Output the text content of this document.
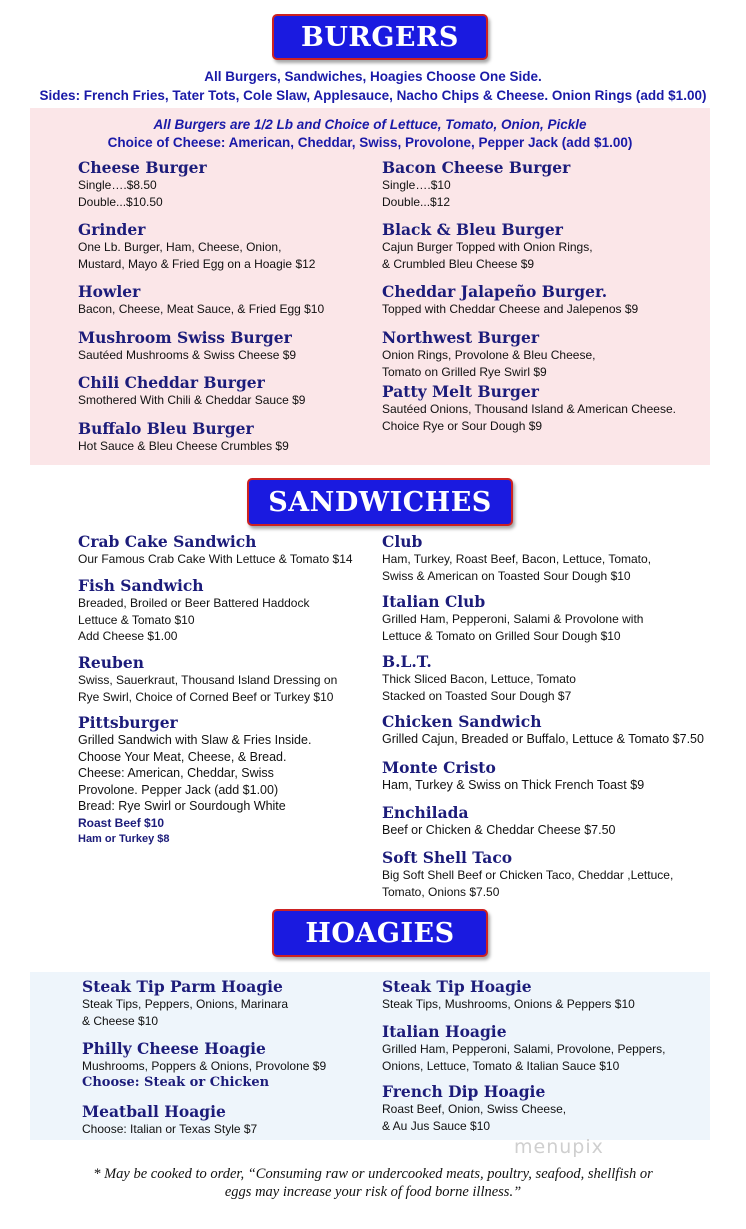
BURGERS
All Burgers, Sandwiches, Hoagies Choose One Side.
Sides: French Fries, Tater Tots, Cole Slaw, Applesauce, Nacho Chips & Cheese. Onion Rings (add $1.00)
All Burgers are 1/2 Lb and Choice of Lettuce, Tomato, Onion, Pickle
Choice of Cheese: American, Cheddar, Swiss, Provolone, Pepper Jack (add $1.00)
Cheese Burger
Single….$8.50
Double...$10.50
Grinder
One Lb. Burger, Ham, Cheese, Onion,
Mustard, Mayo & Fried Egg on a Hoagie $12
Howler
Bacon, Cheese, Meat Sauce, & Fried Egg $10
Mushroom Swiss Burger
Sautéed Mushrooms & Swiss Cheese $9
Chili Cheddar Burger
Smothered With Chili & Cheddar Sauce $9
Buffalo Bleu Burger
Hot Sauce & Bleu Cheese Crumbles $9
Bacon Cheese Burger
Single….$10
Double...$12
Black & Bleu Burger
Cajun Burger Topped with Onion Rings,
& Crumbled Bleu Cheese $9
Cheddar Jalapeño Burger.
Topped with Cheddar Cheese and Jalepenos $9
Northwest Burger
Onion Rings, Provolone & Bleu Cheese,
Tomato on Grilled Rye Swirl $9
Patty Melt Burger
Sautéed Onions, Thousand Island & American Cheese.
Choice Rye or Sour Dough $9
SANDWICHES
Crab Cake Sandwich
Our Famous Crab Cake With Lettuce & Tomato $14
Fish Sandwich
Breaded, Broiled or Beer Battered Haddock
Lettuce & Tomato $10
Add Cheese $1.00
Reuben
Swiss, Sauerkraut, Thousand Island Dressing on
Rye Swirl, Choice of Corned Beef or Turkey $10
Pittsburger
Grilled Sandwich with Slaw & Fries Inside.
Choose Your Meat, Cheese, & Bread.
Cheese: American, Cheddar, Swiss
Provolone. Pepper Jack (add $1.00)
Bread: Rye Swirl or Sourdough White
Roast Beef $10
Ham or Turkey $8
Club
Ham, Turkey, Roast Beef, Bacon, Lettuce, Tomato,
Swiss & American on Toasted Sour Dough $10
Italian Club
Grilled Ham, Pepperoni, Salami & Provolone with
Lettuce & Tomato on Grilled Sour Dough $10
B.L.T.
Thick Sliced Bacon, Lettuce, Tomato
Stacked on Toasted Sour Dough $7
Chicken Sandwich
Grilled Cajun, Breaded or Buffalo, Lettuce & Tomato $7.50
Monte Cristo
Ham, Turkey & Swiss on Thick French Toast $9
Enchilada
Beef or Chicken & Cheddar Cheese $7.50
Soft Shell Taco
Big Soft Shell Beef or Chicken Taco, Cheddar ,Lettuce,
Tomato, Onions $7.50
HOAGIES
Steak Tip Parm Hoagie
Steak Tips, Peppers, Onions, Marinara
& Cheese $10
Philly Cheese Hoagie
Mushrooms, Poppers & Onions, Provolone $9
Choose: Steak or Chicken
Meatball Hoagie
Choose: Italian or Texas Style $7
Steak Tip Hoagie
Steak Tips, Mushrooms, Onions & Peppers $10
Italian Hoagie
Grilled Ham, Pepperoni, Salami, Provolone, Peppers,
Onions, Lettuce, Tomato & Italian Sauce $10
French Dip Hoagie
Roast Beef, Onion, Swiss Cheese,
& Au Jus Sauce $10
menupix
* May be cooked to order, “Consuming raw or undercooked meats, poultry, seafood, shellfish or
eggs may increase your risk of food borne illness.”
